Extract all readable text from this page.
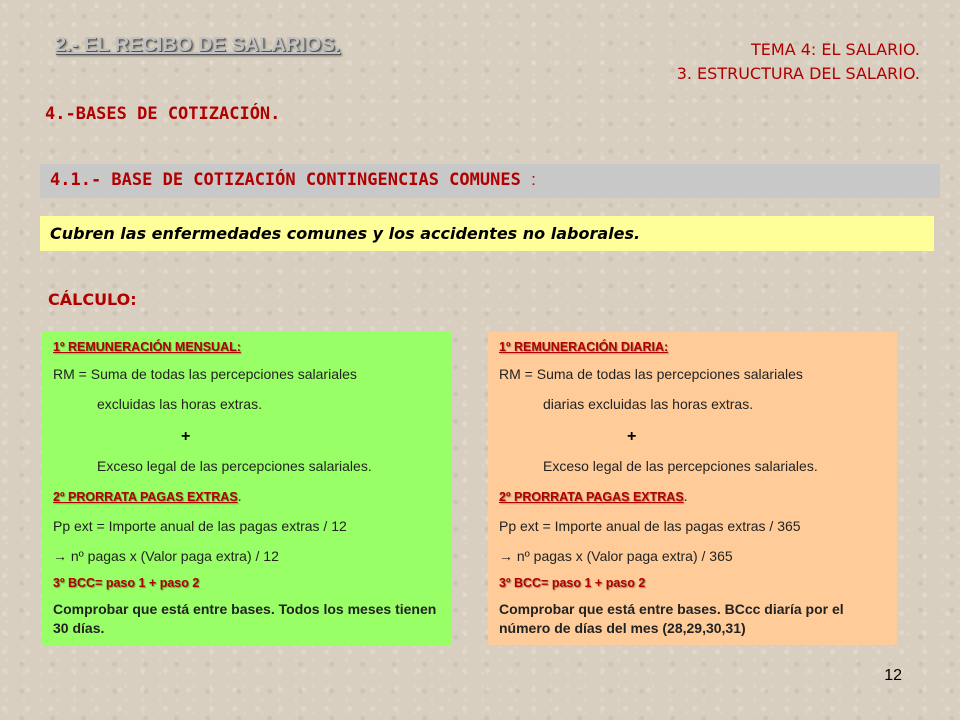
2.- EL RECIBO DE SALARIOS.	TEMA 4: EL SALARIO.
3. ESTRUCTURA DEL SALARIO.
4.-BASES DE COTIZACIÓN.
4.1.- BASE DE COTIZACIÓN CONTINGENCIAS COMUNES :
Cubren las enfermedades comunes y los accidentes no laborales.
CÁLCULO:
1º REMUNERACIÓN MENSUAL:
RM = Suma de todas las percepciones salariales
excluidas las horas extras.
+
Exceso legal de las percepciones salariales.
2º PRORRATA PAGAS EXTRAS.
Pp ext = Importe anual de las pagas extras / 12
→ nº pagas x (Valor paga extra) / 12
3º BCC= paso 1 + paso 2
Comprobar que está entre bases. Todos los meses tienen 30 días.
1º REMUNERACIÓN DIARIA:
RM = Suma de todas las percepciones salariales
diarias excluidas las horas extras.
+
Exceso legal de las percepciones salariales.
2º PRORRATA PAGAS EXTRAS.
Pp ext = Importe anual de las pagas extras / 365
→ nº pagas x (Valor paga extra) / 365
3º BCC= paso 1 + paso 2
Comprobar que está entre bases. BCcc diaría por el número de días del mes (28,29,30,31)
12
